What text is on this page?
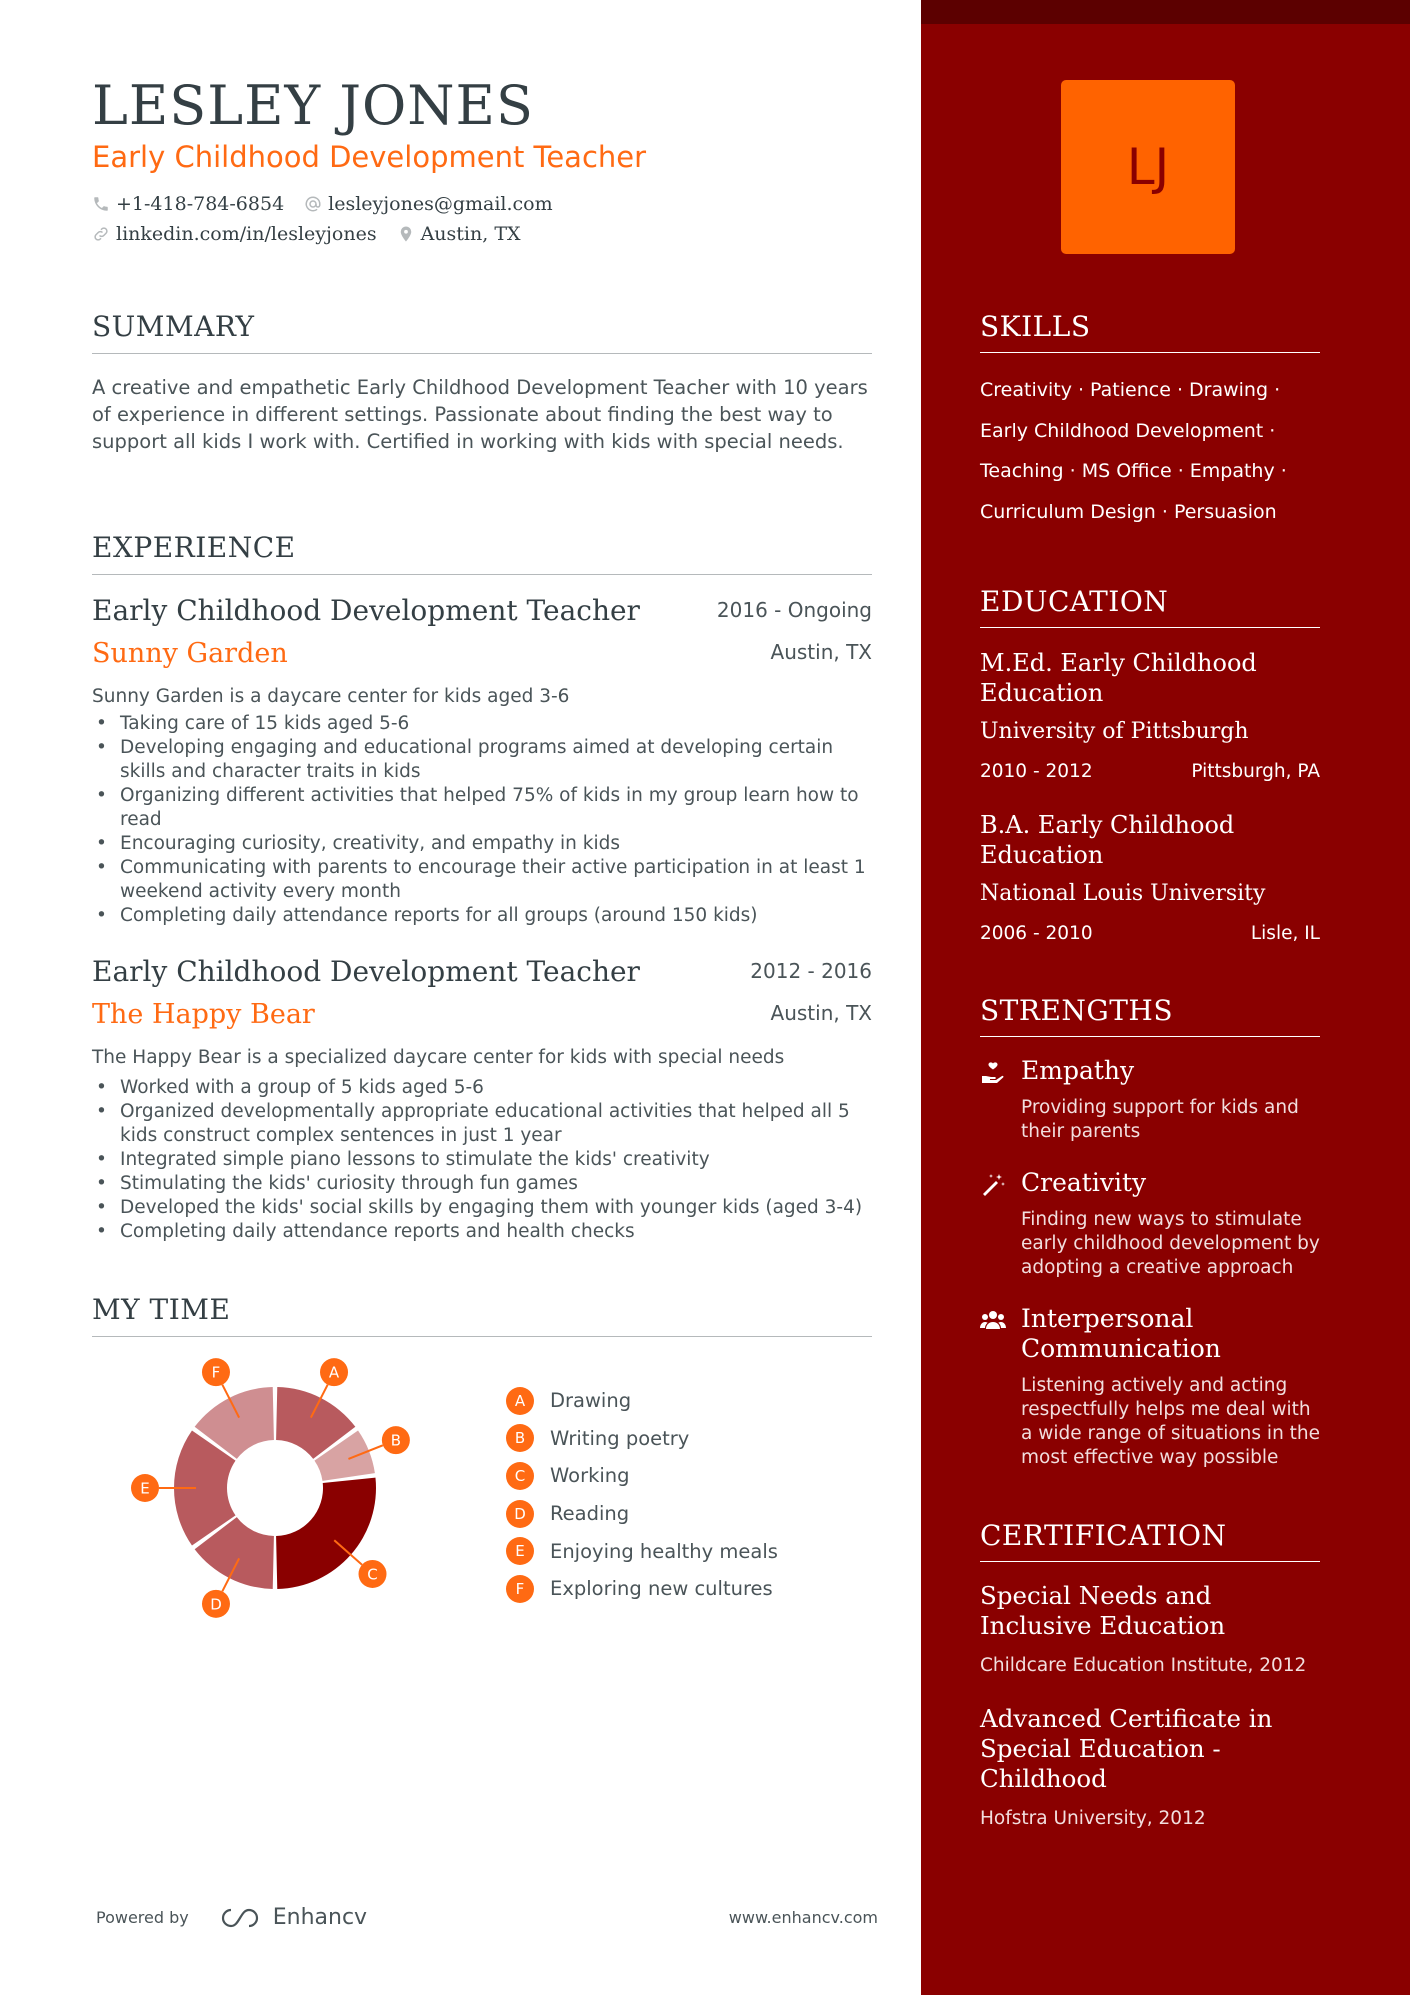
LESLEY JONES
Early Childhood Development Teacher
+1-418-784-6854 lesleyjones@gmail.com
linkedin.com/in/lesleyjones Austin, TX
SUMMARY

A creative and empathetic Early Childhood Development Teacher with 10 years of experience in different settings. Passionate about finding the best way to support all kids I work with. Certified in working with kids with special needs.

EXPERIENCE
Early Childhood Development Teacher	2016 - Ongoing
Sunny Garden	Austin, TX
Sunny Garden is a daycare center for kids aged 3-6
• Taking care of 15 kids aged 5-6
• Developing engaging and educational programs aimed at developing certain skills and character traits in kids
• Organizing different activities that helped 75% of kids in my group learn how to read
• Encouraging curiosity, creativity, and empathy in kids
• Communicating with parents to encourage their active participation in at least 1 weekend activity every month
• Completing daily attendance reports for all groups (around 150 kids)
Early Childhood Development Teacher	2012 - 2016
The Happy Bear	Austin, TX
The Happy Bear is a specialized daycare center for kids with special needs
• Worked with a group of 5 kids aged 5-6
• Organized developmentally appropriate educational activities that helped all 5 kids construct complex sentences in just 1 year
• Integrated simple piano lessons to stimulate the kids' creativity
• Stimulating the kids' curiosity through fun games
• Developed the kids' social skills by engaging them with younger kids (aged 3-4)
• Completing daily attendance reports and health checks
MY TIME
A
B
C
D
E
F
A	Drawing
B	Writing poetry
C	Working
D	Reading
E	Enjoying healthy meals
F	Exploring new cultures
Powered by	Enhancv	www.enhancv.com
LJ
SKILLS
Creativity · Patience · Drawing ·
Early Childhood Development ·
Teaching · MS Office · Empathy ·
Curriculum Design · Persuasion
EDUCATION
M.Ed. Early Childhood Education
University of Pittsburgh
2010 - 2012	Pittsburgh, PA
B.A. Early Childhood Education
National Louis University
2006 - 2010	Lisle, IL
STRENGTHS
Empathy
Providing support for kids and their parents
Creativity
Finding new ways to stimulate early childhood development by adopting a creative approach
Interpersonal Communication
Listening actively and acting respectfully helps me deal with a wide range of situations in the most effective way possible
CERTIFICATION
Special Needs and Inclusive Education
Childcare Education Institute, 2012
Advanced Certificate in Special Education - Childhood
Hofstra University, 2012
